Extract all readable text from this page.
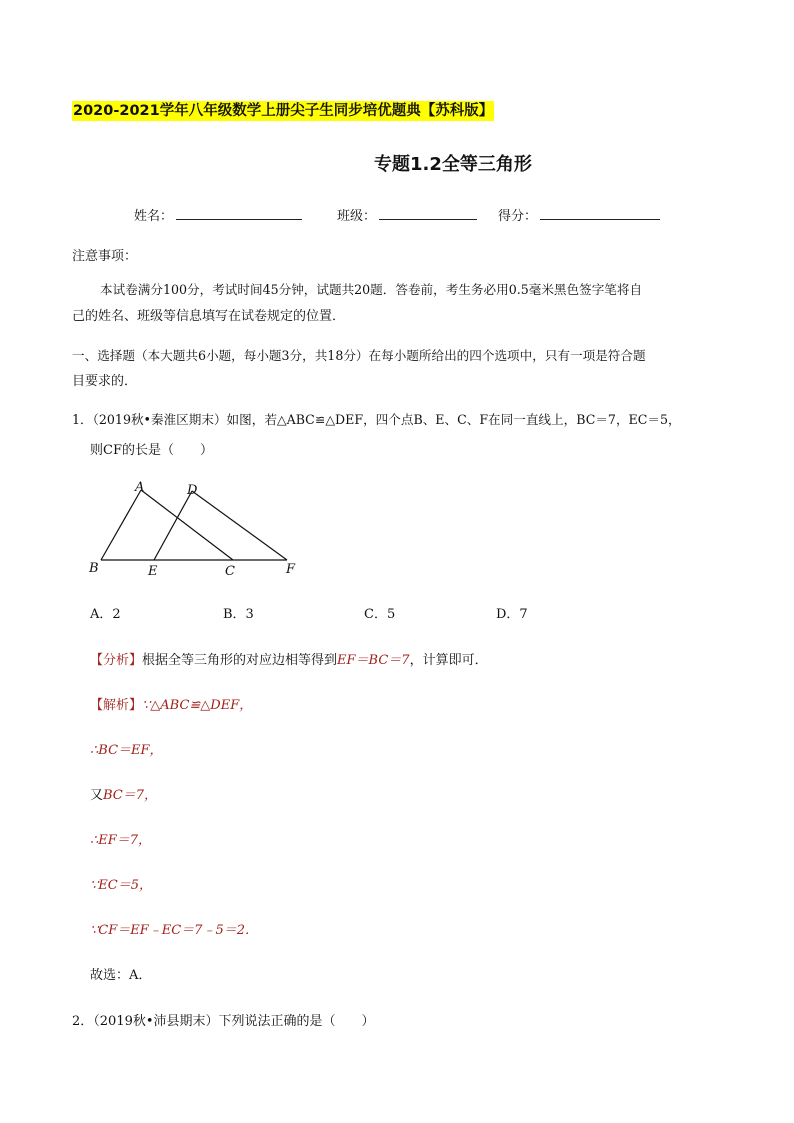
2020-2021学年八年级数学上册尖子生同步培优题典【苏科版】
专题1.2全等三角形
姓名：	班级：	得分：
注意事项：
本试卷满分100分，考试时间45分钟，试题共20题．答卷前，考生务必用0.5毫米黑色签字笔将自
己的姓名、班级等信息填写在试卷规定的位置．
一、选择题（本大题共6小题，每小题3分，共18分）在每小题所给出的四个选项中，只有一项是符合题
目要求的．
1．（2019秋•秦淮区期末）如图，若△ABC≌△DEF，四个点B、E、C、F在同一直线上，BC＝7，EC＝5，
则CF的长是（　　）
A	D
B	E	C	F
A．2	B．3	C．5	D．7
【分析】根据全等三角形的对应边相等得到EF＝BC＝7，计算即可．
【解析】∵△ABC≌△DEF，
∴BC＝EF，
又BC＝7，
∴EF＝7，
∵EC＝5，
∵CF＝EF﹣EC＝7﹣5＝2．
故选：A．
2．（2019秋•沛县期末）下列说法正确的是（　　）
